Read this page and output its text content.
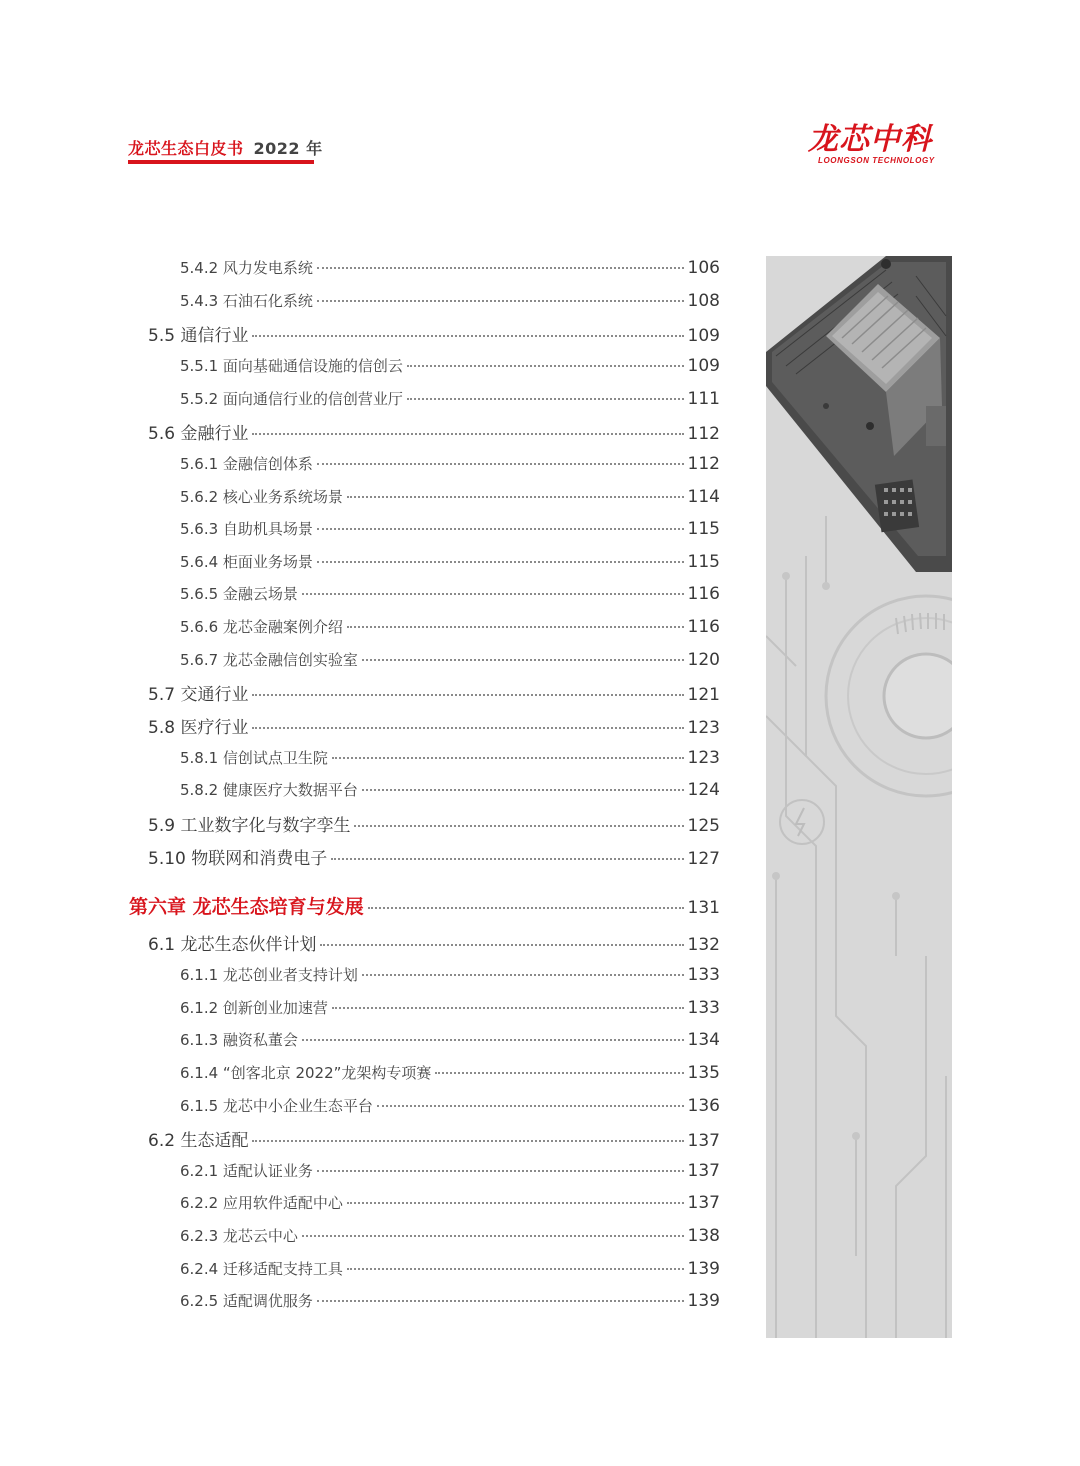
龙芯生态白皮书 2022 年	龙芯中科
LOONGSON TECHNOLOGY
5.4.2 风力发电系统	106
5.4.3 石油石化系统	108
5.5 通信行业	109
5.5.1 面向基础通信设施的信创云	109
5.5.2 面向通信行业的信创营业厅	111
5.6 金融行业	112
5.6.1 金融信创体系	112
5.6.2 核心业务系统场景	114
5.6.3 自助机具场景	115
5.6.4 柜面业务场景	115
5.6.5 金融云场景	116
5.6.6 龙芯金融案例介绍	116
5.6.7 龙芯金融信创实验室	120
5.7 交通行业	121
5.8 医疗行业	123
5.8.1 信创试点卫生院	123
5.8.2 健康医疗大数据平台	124
5.9 工业数字化与数字孪生	125
5.10 物联网和消费电子	127
第六章 龙芯生态培育与发展	131
6.1 龙芯生态伙伴计划	132
6.1.1 龙芯创业者支持计划	133
6.1.2 创新创业加速营	133
6.1.3 融资私董会	134
6.1.4 “创客北京 2022”龙架构专项赛	135
6.1.5 龙芯中小企业生态平台	136
6.2 生态适配	137
6.2.1 适配认证业务	137
6.2.2 应用软件适配中心	137
6.2.3 龙芯云中心	138
6.2.4 迁移适配支持工具	139
6.2.5 适配调优服务	139
